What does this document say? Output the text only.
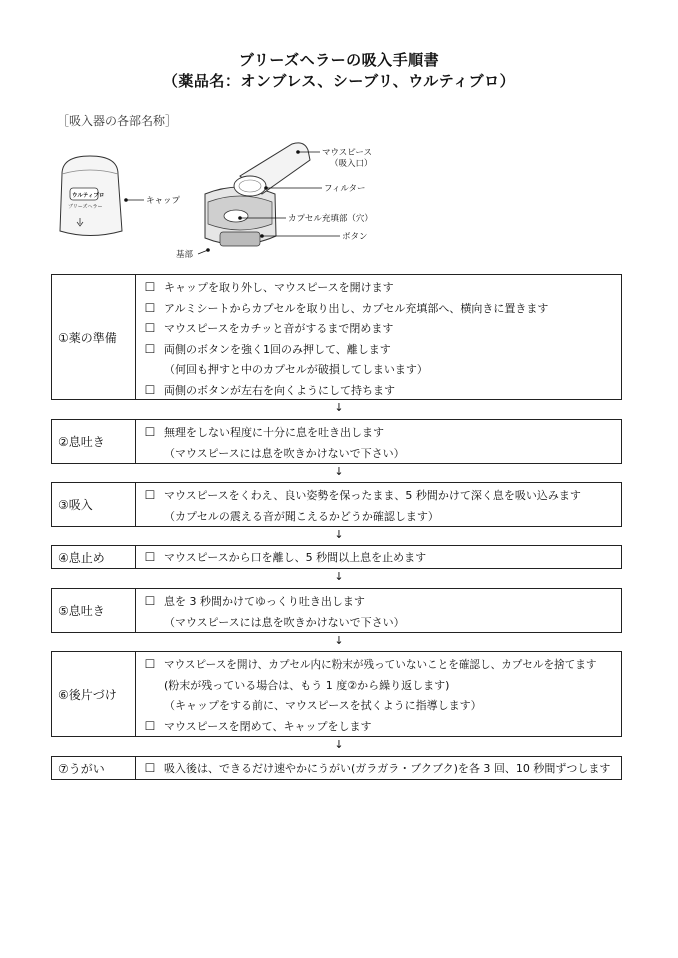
ブリーズヘラーの吸入手順書
（薬品名：オンブレス、シーブリ、ウルティブロ）
［吸入器の各部名称］
ウルティブロ
ブリーズヘラー
キャップ
マウスピース
（吸入口）
フィルター
カプセル充填部（穴）
ボタン
基部
①薬の準備
☐ キャップを取り外し、マウスピースを開けます
☐ アルミシートからカプセルを取り出し、カプセル充填部へ、横向きに置きます
☐ マウスピースをカチッと音がするまで閉めます
☐ 両側のボタンを強く1回のみ押して、離します
（何回も押すと中のカプセルが破損してしまいます）
☐ 両側のボタンが左右を向くようにして持ちます
↓
②息吐き
☐ 無理をしない程度に十分に息を吐き出します
（マウスピースには息を吹きかけないで下さい）
↓
③吸入
☐ マウスピースをくわえ、良い姿勢を保ったまま、5 秒間かけて深く息を吸い込みます
（カプセルの震える音が聞こえるかどうか確認します）
↓
④息止め	☐ マウスピースから口を離し、5 秒間以上息を止めます
↓
⑤息吐き
☐ 息を 3 秒間かけてゆっくり吐き出します
（マウスピースには息を吹きかけないで下さい）
↓
⑥後片づけ
☐ マウスピースを開け、カプセル内に粉末が残っていないことを確認し、カプセルを捨てます
(粉末が残っている場合は、もう 1 度②から繰り返します)
（キャップをする前に、マウスピースを拭くように指導します）
☐ マウスピースを閉めて、キャップをします
↓
⑦うがい	☐ 吸入後は、できるだけ速やかにうがい(ガラガラ・ブクブク)を各 3 回、10 秒間ずつします
